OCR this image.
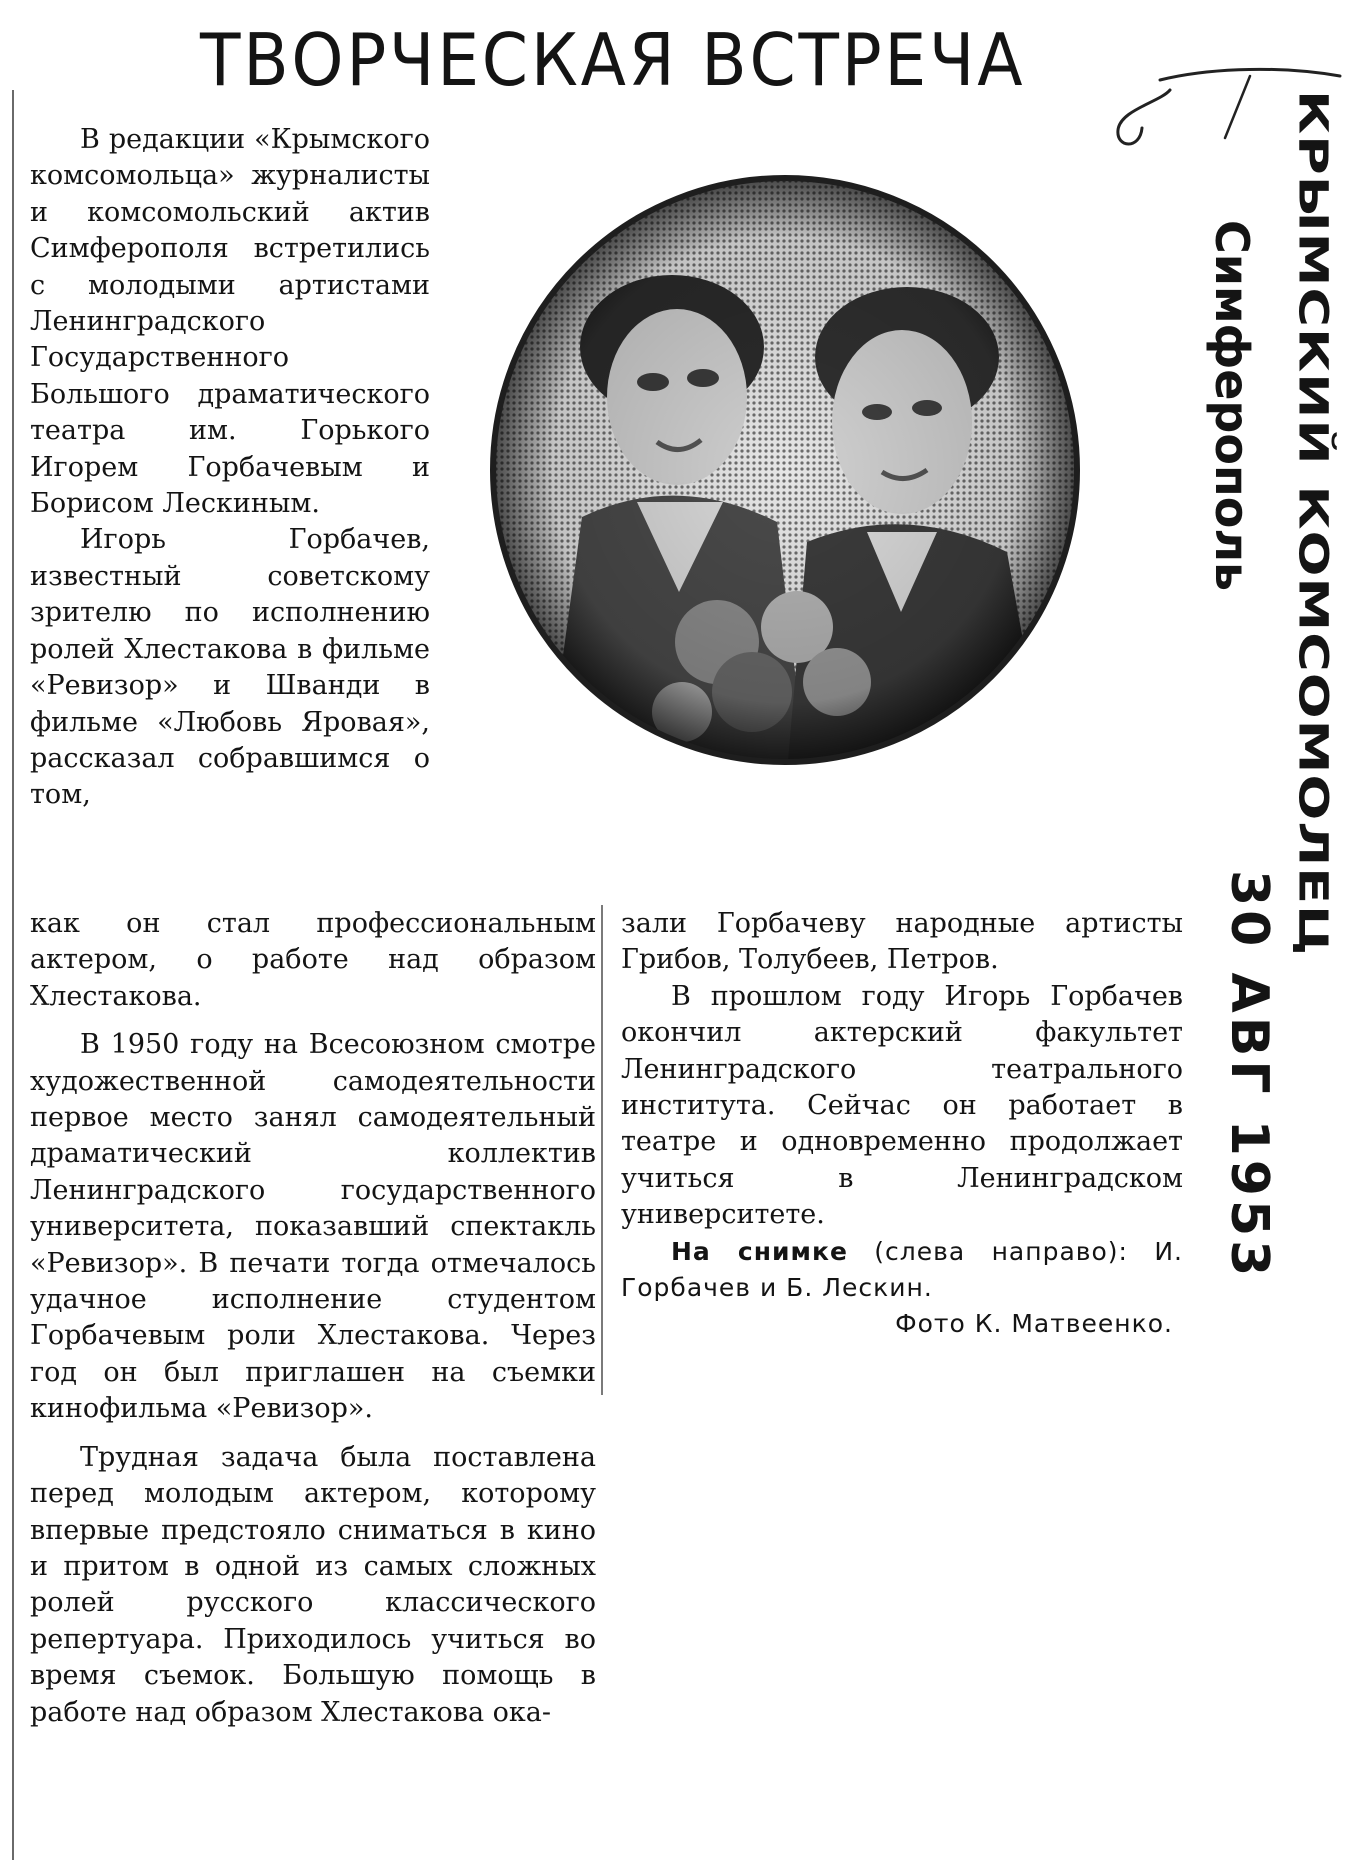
ТВОРЧЕСКАЯ ВСТРЕЧА

В редакции «Крымского комсомольца» журналисты и комсомольский актив Симферополя встретились с молодыми артистами Ленинградского Государственного Большого драматического театра им. Горького Игорем Горбачевым и Борисом Лескиным.

Игорь Горбачев, известный советскому зрителю по исполнению ролей Хлестакова в фильме «Ревизор» и Шванди в фильме «Любовь Яровая», рассказал собравшимся о том,

как он стал профессиональным актером, о работе над образом Хлестакова.

В 1950 году на Всесоюзном смотре художественной самодеятельности первое место занял самодеятельный драматический коллектив Ленинградского государственного университета, показавший спектакль «Ревизор». В печати тогда отмечалось удачное исполнение студентом Горбачевым роли Хлестакова. Через год он был приглашен на съемки кинофильма «Ревизор».

Трудная задача была поставлена перед молодым актером, которому впервые предстояло сниматься в кино и притом в одной из самых сложных ролей русского классического репертуара. Приходилось учиться во время съемок. Большую помощь в работе над образом Хлестакова ока-

зали Горбачеву народные артисты Грибов, Толубеев, Петров.

В прошлом году Игорь Горбачев окончил актерский факультет Ленинградского театрального института. Сейчас он работает в театре и одновременно продолжает учиться в Ленинградском университете.

На снимке (слева направо): И. Горбачев и Б. Лескин.

Фото К. Матвеенко.

КРЫМСКИЙ КОМСОМОЛЕЦ
Симферополь
30 АВГ 1953
